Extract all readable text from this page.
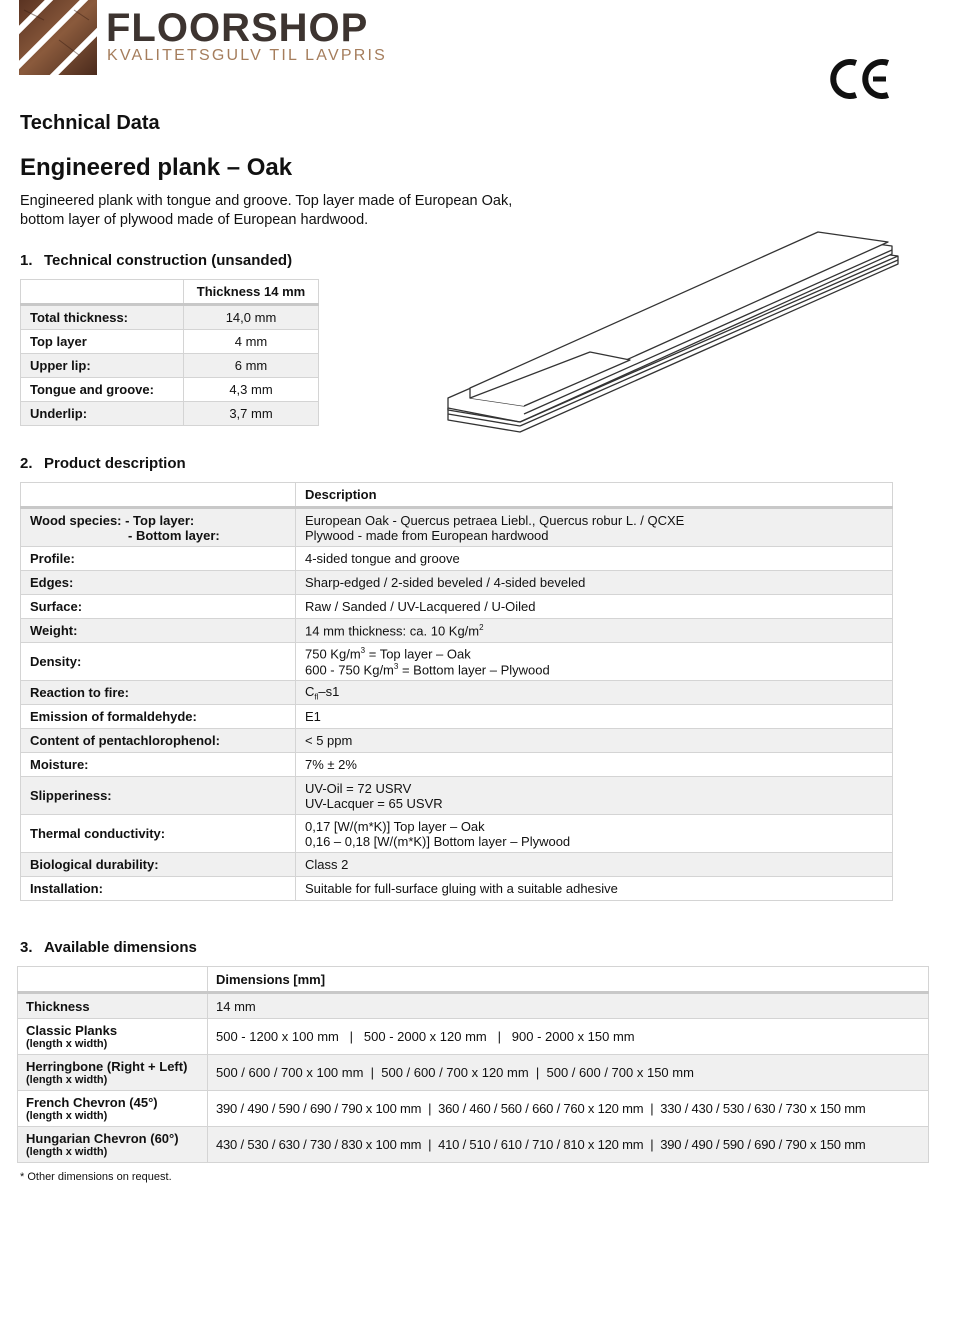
FLOORSHOP
KVALITETSGULV TIL LAVPRIS
Technical Data
Engineered plank – Oak
Engineered plank with tongue and groove. Top layer made of European Oak,
bottom layer of plywood made of European hardwood.
1. Technical construction (unsanded)
	Thickness 14 mm
Total thickness:	14,0 mm
Top layer	4 mm
Upper lip:	6 mm
Tongue and groove:	4,3 mm
Underlip:	3,7 mm
2. Product description
	Description

Wood species: - Top layer:
- Bottom layer:	European Oak - Quercus petraea Liebl., Quercus robur L. / QCXE
Plywood - made from European hardwood

Profile:	4-sided tongue and groove
Edges:	Sharp-edged / 2-sided beveled / 4-sided beveled
Surface:	Raw / Sanded / UV-Lacquered / U-Oiled
Weight:	14 mm thickness: ca. 10 $Kg/m^2$
Density:	750 $Kg/m^3$ = Top layer – Oak
600 - 750 $Kg/m^3$ = Bottom layer – Plywood

Reaction to fire:	$C_{fl}-s1$
Emission of formaldehyde:	E1
Content of pentachlorophenol:	< 5 ppm
Moisture:	7% ± 2%
Slipperiness:	UV-Oil = 72 USRV
UV-Lacquer = 65 USVR

Thermal conductivity:	0,17 [W/(m*K)] Top layer – Oak
0,16 – 0,18 [W/(m*K)] Bottom layer – Plywood

Biological durability:	Class 2
Installation:	Suitable for full-surface gluing with a suitable adhesive
3. Available dimensions
	Dimensions [mm]
Thickness	14 mm

Classic Planks
(length x width)	500 - 1200 x 100 mm   |   500 - 2000 x 120 mm   |   900 - 2000 x 150 mm

Herringbone (Right + Left)
(length x width)	500 / 600 / 700 x 100 mm  |  500 / 600 / 700 x 120 mm  |  500 / 600 / 700 x 150 mm

French Chevron (45°)
(length x width)	390 / 490 / 590 / 690 / 790 x 100 mm  |  360 / 460 / 560 / 660 / 760 x 120 mm  |  330 / 430 / 530 / 630 / 730 x 150 mm

Hungarian Chevron (60°)
(length x width)	430 / 530 / 630 / 730 / 830 x 100 mm  |  410 / 510 / 610 / 710 / 810 x 120 mm  |  390 / 490 / 590 / 690 / 790 x 150 mm
* Other dimensions on request.
